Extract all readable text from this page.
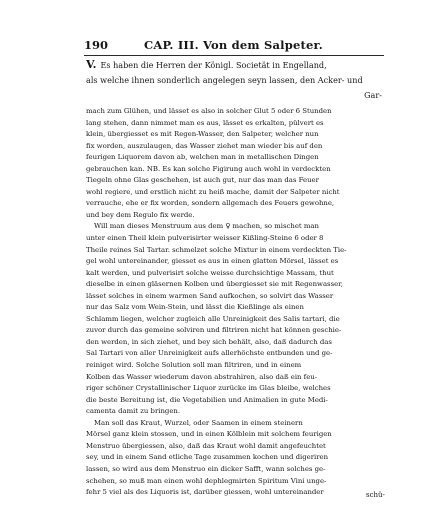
190	CAP. III. Von dem Salpeter.
V. Es haben die Herren der Königl. Societät in Engelland,
als welche ihnen sonderlich angelegen seyn lassen, den Acker- und
Gar-
mach zum Glühen, und lässet es also in solcher Glut 5 oder 6 Stunden
lang stehen, dann nimmet man es aus, lässet es erkalten, pülvert es
klein, übergiesset es mit Regen-Wasser, den Salpeter, welcher nun
fix worden, auszulaugen, das Wasser ziehet man wieder bis auf den
feurigen Liquorem davon ab, welchen man in metallischen Dingen
gebrauchen kan. NB. Es kan solche Figirung auch wohl in verdeckten
Tiegeln ohne Glas geschehen, ist auch gut, nur das man das Feuer
wohl regiere, und erstlich nicht zu heiß mache, damit der Salpeter nicht
verrauche, ehe er fix worden, sondern allgemach des Feuers gewohne,
und bey dem Regulo fix werde.
Will man dieses Menstruum aus dem ♀ machen, so mischet man
unter einen Theil klein pulverisirter weisser Kißling-Steine 6 oder 8
Theile reines Sal Tartar. schmelzet solche Mixtur in einem verdeckten Tie-
gel wohl untereinander, giesset es aus in einen glatten Mörsel, lässet es
kalt werden, und pulverisirt solche weisse durchsichtige Massam, thut
dieselbe in einen gläsernen Kolben und übergiesset sie mit Regenwasser,
lässet solches in einem warmen Sand aufkochen, so solvirt das Wasser
nur das Salz vom Wein-Stein, und lässt die Kießlinge als einen
Schlamm liegen, welcher zugleich alle Unreinigkeit des Salis tartari, die
zuvor durch das gemeine solviren und filtriren nicht hat können geschie-
den werden, in sich ziehet, und bey sich behält, also, daß dadurch das
Sal Tartari von aller Unreinigkeit aufs allerhöchste entbunden und ge-
reiniget wird. Solche Solution soll man filtriren, und in einem
Kolben das Wasser wiederum davon abstrahiren, also daß ein feu-
riger schöner Crystallinischer Liquor zurücke im Glas bleibe, welches
die beste Bereitung ist, die Vegetabilien und Animalien in gute Medi-
camenta damit zu bringen.
Man soll das Kraut, Wurzel, oder Saamen in einem steinern
Mörsel ganz klein stossen, und in einen Kölblein mit solchem feurigen
Menstruo übergiessen, also, daß das Kraut wohl damit angefeuchtet
sey, und in einem Sand etliche Tage zusammen kochen und digeriren
lassen, so wird aus dem Menstruo ein dicker Safft, wann solches ge-
schehen, so muß man einen wohl dephlegmirten Spiritum Vini unge-
fehr 5 viel als des Liquoris ist, darüber giessen, wohl untereinander	schü-
